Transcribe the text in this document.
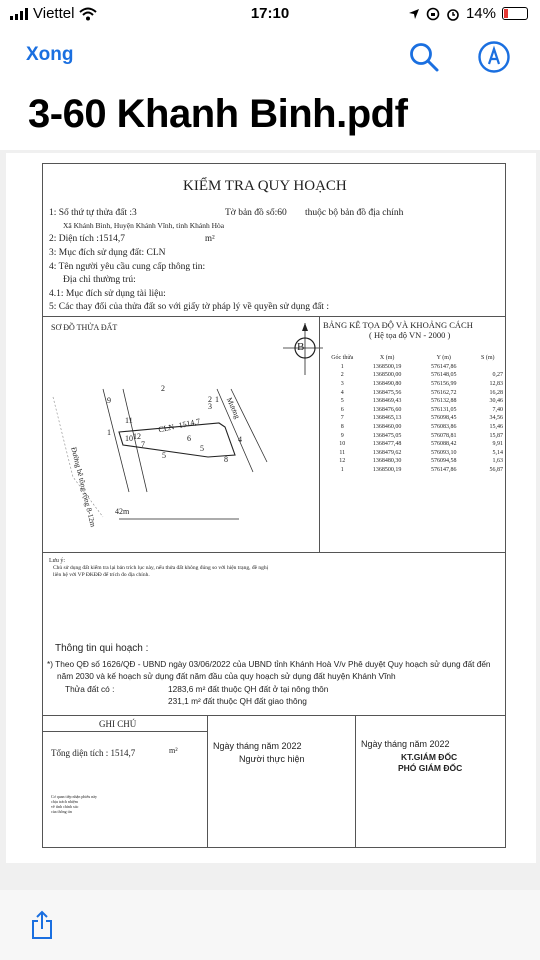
Viettel	17:10	14%
Xong
3-60 Khanh Binh.pdf
KIỂM TRA QUY HOẠCH
1: Số thứ tự thửa đất :3	Tờ bản đồ số:60 thuộc bộ bản đồ địa chính
Xã Khánh Bình, Huyện Khánh Vĩnh, tỉnh Khánh Hòa
2: Diện tích :1514,7	m²
3: Mục đích sử dụng đất: CLN
4: Tên người yêu cầu cung cấp thông tin:
Địa chỉ thường trú:
4.1: Mục đích sử dụng tài liệu:
5: Các thay đổi của thửa đất so với giấy tờ pháp lý về quyền sử dụng đất :
SƠ ĐỒ THỬA ĐẤT
B
CLN- 1514,7
Đường bê tông rộng 8-12m
Mương
42m
2
2 1
3
4
5
5
6
7
8
9
10
11
12
1
BẢNG KÊ TỌA ĐỘ VÀ KHOẢNG CÁCH
( Hệ tọa độ VN - 2000 )
Góc thửa	X (m)	Y (m)	S (m)
1	1368500,19	576147,86	
2	1368500,00	576148,05	0,27
3	1368490,80	576156,99	12,83
4	1368475,56	576162,72	16,28
5	1368469,43	576132,88	30,46
6	1368476,60	576131,05	7,40
7	1368465,13	576098,45	34,56
8	1368460,00	576083,86	15,46
9	1368475,05	576078,81	15,87
10	1368477,48	576088,42	9,91
11	1368479,62	576093,10	5,14
12	1368480,30	576094,58	1,63
1	1368500,19	576147,86	56,87
Lưu ý:
Chủ sử dụng đất kiểm tra lại bản trích lục này, nếu thửa đất không đúng so với hiện trạng, đề nghị
liên hệ với VP ĐKĐĐ để trích đo địa chính.
Thông tin qui hoạch :
*) Theo QĐ số 1626/QĐ - UBND ngày 03/06/2022 của UBND tỉnh Khánh Hoà V/v Phê duyệt Quy hoạch sử dụng đất đến
năm 2030 và kế hoạch sử dụng đất năm đầu của quy hoạch sử dụng đất huyện Khánh Vĩnh
Thửa đất có :	1283,6 m² đất thuộc QH đất ở tại nông thôn
231,1 m² đất thuộc QH đất giao thông
GHI CHÚ
Tổng diện tích : 1514,7	m²
Cơ quan tiếp nhận phiếu này
chịu trách nhiệm
về tính chính xác
của thông tin
Ngày tháng năm 2022
Người thực hiện
Ngày tháng năm 2022
KT.GIÁM ĐỐC
PHÓ GIÁM ĐỐC
